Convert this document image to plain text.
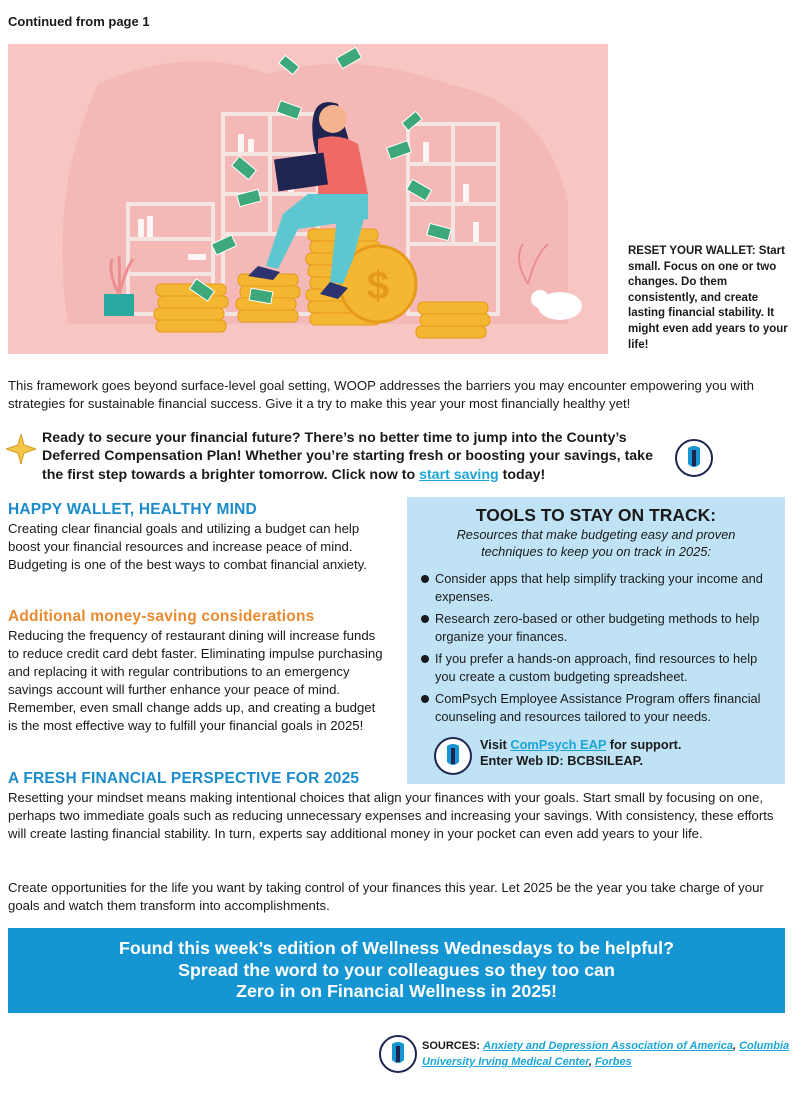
Continued from page 1
$
RESET YOUR WALLET: Start small. Focus on one or two changes. Do them consistently, and create lasting financial stability. It might even add years to your life!
This framework goes beyond surface-level goal setting, WOOP addresses the barriers you may encounter empowering you with strategies for sustainable financial success. Give it a try to make this year your most financially healthy yet!
Ready to secure your financial future? There’s no better time to jump into the County’s Deferred Compensation Plan! Whether you’re starting fresh or boosting your savings, take the first step towards a brighter tomorrow. Click now to start saving today!
HAPPY WALLET, HEALTHY MIND
Creating clear financial goals and utilizing a budget can help boost your financial resources and increase peace of mind. Budgeting is one of the best ways to combat financial anxiety.
Additional money-saving considerations
Reducing the frequency of restaurant dining will increase funds to reduce credit card debt faster. Eliminating impulse purchasing and replacing it with regular contributions to an emergency savings account will further enhance your peace of mind. Remember, even small change adds up, and creating a budget is the most effective way to fulfill your financial goals in 2025!
TOOLS TO STAY ON TRACK:
Resources that make budgeting easy and proven techniques to keep you on track in 2025:
Consider apps that help simplify tracking your income and expenses.
Research zero-based or other budgeting methods to help organize your finances.
If you prefer a hands-on approach, find resources to help you create a custom budgeting spreadsheet.
ComPsych Employee Assistance Program offers financial counseling and resources tailored to your needs.
Visit ComPsych EAP for support.
Enter Web ID: BCBSILEAP.
A FRESH FINANCIAL PERSPECTIVE FOR 2025
Resetting your mindset means making intentional choices that align your finances with your goals. Start small by focusing on one, perhaps two immediate goals such as reducing unnecessary expenses and increasing your savings. With consistency, these efforts will create lasting financial stability. In turn, experts say additional money in your pocket can even add years to your life.
Create opportunities for the life you want by taking control of your finances this year. Let 2025 be the year you take charge of your goals and watch them transform into accomplishments.
Found this week’s edition of Wellness Wednesdays to be helpful?
Spread the word to your colleagues so they too can
Zero in on Financial Wellness in 2025!
SOURCES: Anxiety and Depression Association of America, Columbia University Irving Medical Center, Forbes
